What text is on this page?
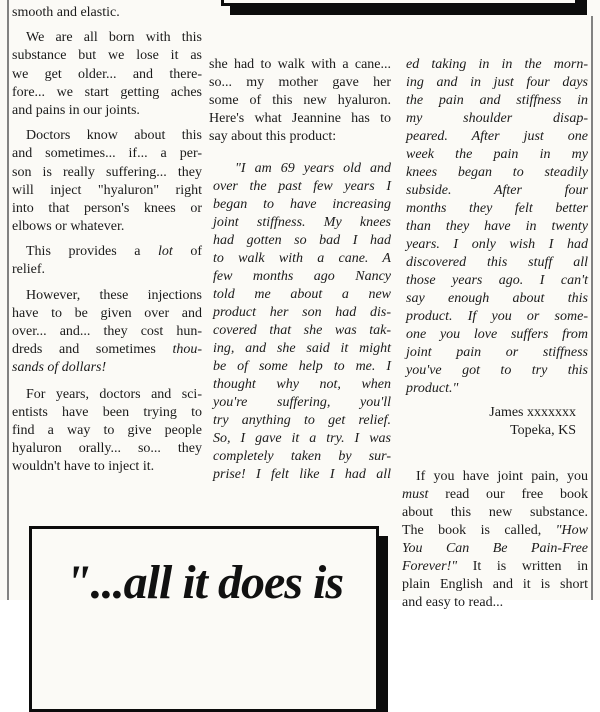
smooth and elastic.
We are all born with this
substance but we lose it as
we get older... and there-
fore... we start getting aches
and pains in our joints.
Doctors know about this
and sometimes... if... a per-
son is really suffering... they
will inject "hyaluron" right
into that person's knees or
elbows or whatever.
This provides a lot of
relief.
However, these injections
have to be given over and
over... and... they cost hun-
dreds and sometimes thou-
sands of dollars!
For years, doctors and sci-
entists have been trying to
find a way to give people
hyaluron orally... so... they
wouldn't have to inject it.
she had to walk with a cane...
so... my mother gave her
some of this new hyaluron.
Here's what Jeannine has to
say about this product:
"I am 69 years old and
over the past few years I
began to have increasing
joint stiffness. My knees
had gotten so bad I had
to walk with a cane. A
few months ago Nancy
told me about a new
product her son had dis-
covered that she was tak-
ing, and she said it might
be of some help to me. I
thought why not, when
you're suffering, you'll
try anything to get relief.
So, I gave it a try. I was
completely taken by sur-
prise! I felt like I had all
ed taking in in the morn-
ing and in just four days
the pain and stiffness in
my shoulder disap-
peared. After just one
week the pain in my
knees began to steadily
subside. After four
months they felt better
than they have in twenty
years. I only wish I had
discovered this stuff all
those years ago. I can't
say enough about this
product. If you or some-
one you love suffers from
joint pain or stiffness
you've got to try this
product."
James xxxxxxx
Topeka, KS
If you have joint pain, you
must read our free book
about this new substance.
The book is called, "How
You Can Be Pain-Free
Forever!" It is written in
plain English and it is short
and easy to read...
"...all it does is
